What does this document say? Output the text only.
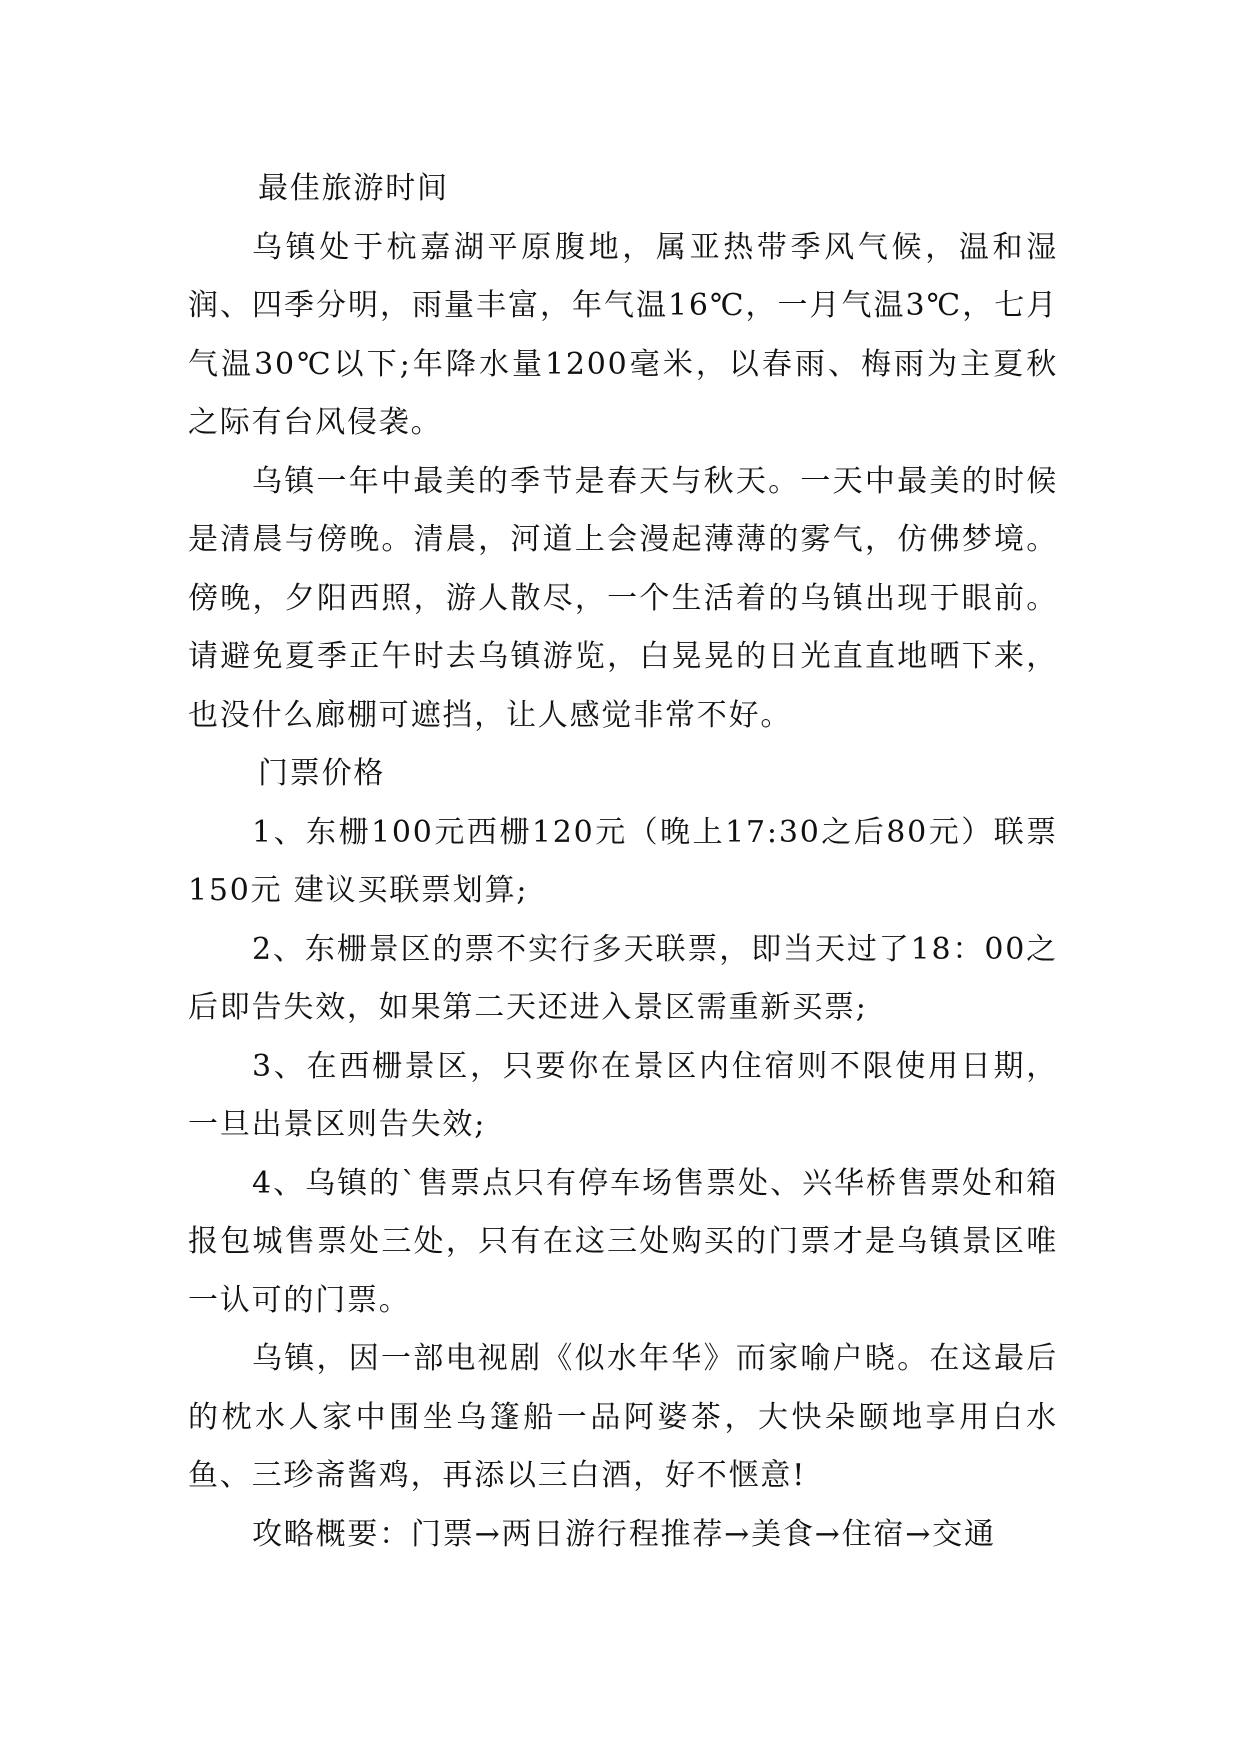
最佳旅游时间

乌镇处于杭嘉湖平原腹地，属亚热带季风气候，温和湿润、四季分明，雨量丰富，年气温16℃，一月气温3℃，七月气温30℃以下;年降水量1200毫米，以春雨、梅雨为主夏秋之际有台风侵袭。

乌镇一年中最美的季节是春天与秋天。一天中最美的时候是清晨与傍晚。清晨，河道上会漫起薄薄的雾气，仿佛梦境。傍晚，夕阳西照，游人散尽，一个生活着的乌镇出现于眼前。 请避免夏季正午时去乌镇游览，白晃晃的日光直直地晒下来，也没什么廊棚可遮挡，让人感觉非常不好。

门票价格

1、东栅100元西栅120元（晚上17:30之后80元）联票150元 建议买联票划算;

2、东栅景区的票不实行多天联票，即当天过了18：00之后即告失效，如果第二天还进入景区需重新买票;

3、在西栅景区，只要你在景区内住宿则不限使用日期，一旦出景区则告失效;

4、乌镇的`售票点只有停车场售票处、兴华桥售票处和箱报包城售票处三处，只有在这三处购买的门票才是乌镇景区唯一认可的门票。

乌镇，因一部电视剧《似水年华》而家喻户晓。在这最后的枕水人家中围坐乌篷船一品阿婆茶，大快朵颐地享用白水鱼、三珍斋酱鸡，再添以三白酒，好不惬意!

攻略概要：门票→两日游行程推荐→美食→住宿→交通
